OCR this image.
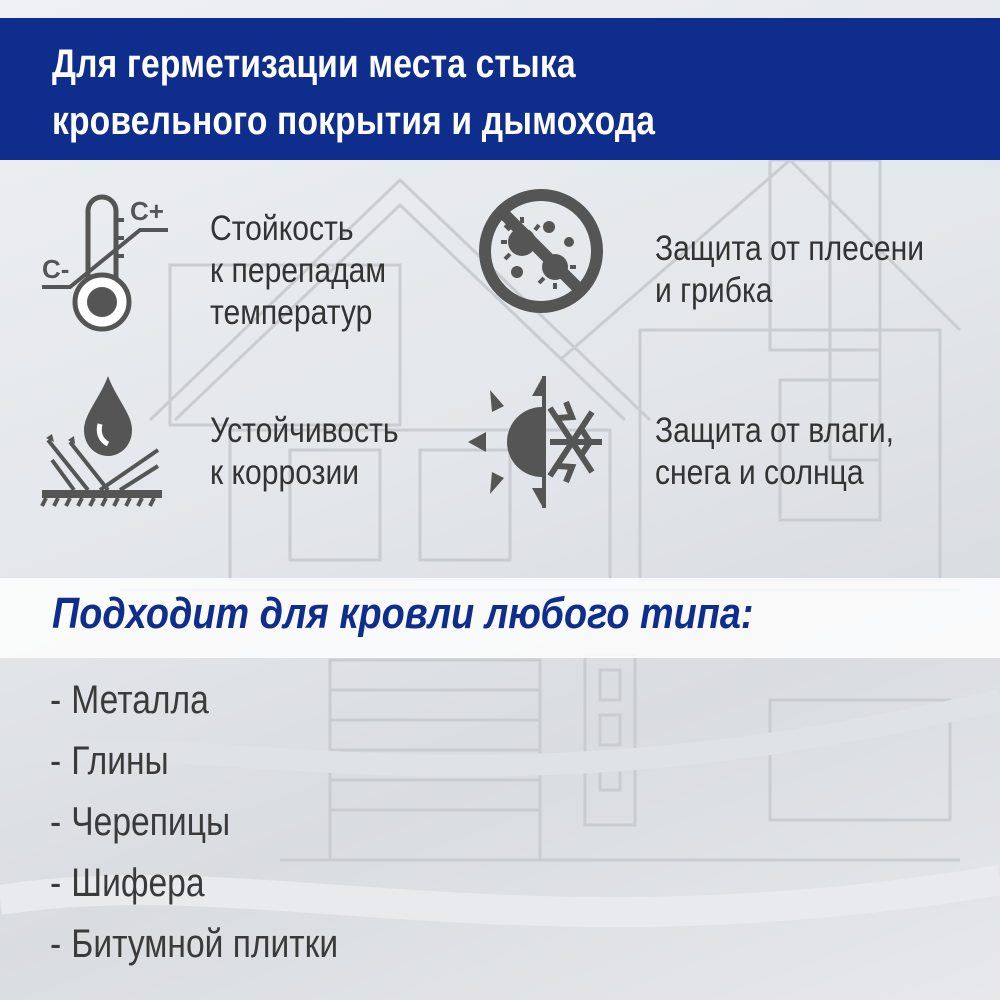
Для герметизации места стыка
кровельного покрытия и дымохода
С+
С-

Стойкость
к перепадам
температур

Защита от плесени
и грибка

Устойчивость
к коррозии

Защита от влаги,
снега и солнца

Подходит для кровли любого типа:
- Металла
- Глины
- Черепицы
- Шифера
- Битумной плитки
